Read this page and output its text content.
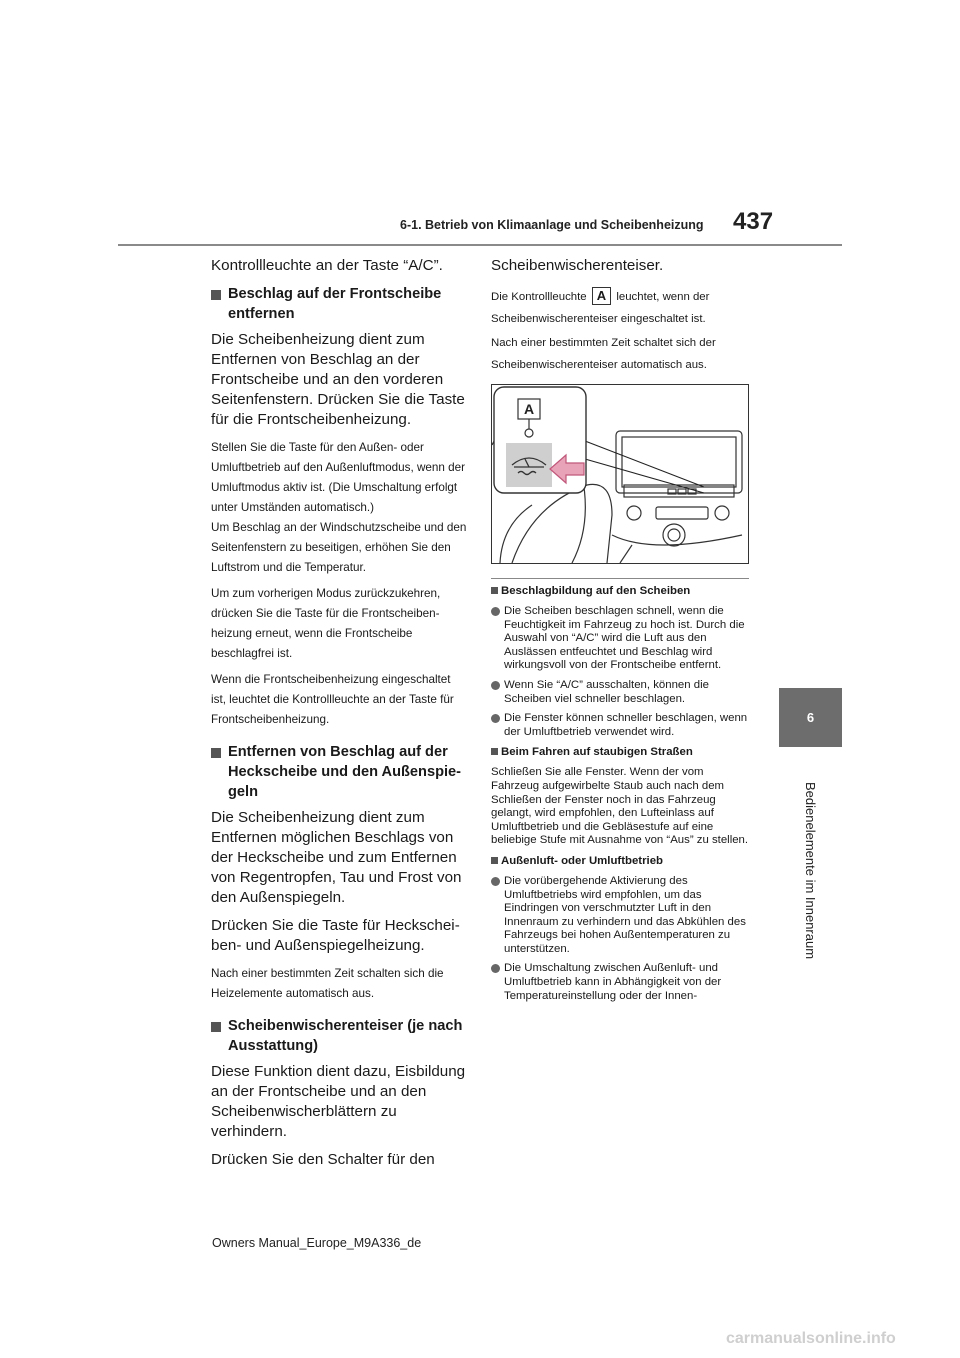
6-1. Betrieb von Klimaanlage und Scheibenheizung 437
6
Bedienelemente im Innenraum

Kontrollleuchte an der Taste “A/C”.

Beschlag auf der Frontscheibe entfernen

Die Scheibenheizung dient zum Entfernen von Beschlag an der Frontscheibe und an den vorderen Seitenfenstern. Drücken Sie die Taste für die Frontscheibenheizung.

Stellen Sie die Taste für den Außen- oder Umluftbetrieb auf den Außenluftmodus, wenn der Umluftmodus aktiv ist. (Die Umschaltung erfolgt unter Umständen automatisch.)

Um Beschlag an der Windschutzscheibe und den Seitenfenstern zu beseitigen, erhöhen Sie den Luftstrom und die Temperatur.

Um zum vorherigen Modus zurückzukehren, drücken Sie die Taste für die Frontscheibenheizung erneut, wenn die Frontscheibe beschlagfrei ist.

Wenn die Frontscheibenheizung eingeschaltet ist, leuchtet die Kontrollleuchte an der Taste für Frontscheibenheizung.

Entfernen von Beschlag auf der Heckscheibe und den Außenspiegeln

Die Scheibenheizung dient zum Entfernen möglichen Beschlags von der Heckscheibe und zum Entfernen von Regentropfen, Tau und Frost von den Außenspiegeln.

Drücken Sie die Taste für Heckscheiben- und Außenspiegelheizung.

Nach einer bestimmten Zeit schalten sich die Heizelemente automatisch aus.

Scheibenwischerenteiser (je nach Ausstattung)

Diese Funktion dient dazu, Eisbildung an der Frontscheibe und an den Scheibenwischerblättern zu verhindern.

Drücken Sie den Schalter für den

Scheibenwischerenteiser.

Die Kontrollleuchte A leuchtet, wenn der Scheibenwischerenteiser eingeschaltet ist.

Nach einer bestimmten Zeit schaltet sich der Scheibenwischerenteiser automatisch aus.

A
Beschlagbildung auf den Scheiben
Die Scheiben beschlagen schnell, wenn die Feuchtigkeit im Fahrzeug zu hoch ist. Durch die Auswahl von “A/C” wird die Luft aus den Auslässen entfeuchtet und Beschlag wird wirkungsvoll von der Frontscheibe entfernt.
Wenn Sie “A/C” ausschalten, können die Scheiben viel schneller beschlagen.
Die Fenster können schneller beschlagen, wenn der Umluftbetrieb verwendet wird.
Beim Fahren auf staubigen Straßen

Schließen Sie alle Fenster. Wenn der vom Fahrzeug aufgewirbelte Staub auch nach dem Schließen der Fenster noch in das Fahrzeug gelangt, wird empfohlen, den Lufteinlass auf Umluftbetrieb und die Gebläsestufe auf eine beliebige Stufe mit Ausnahme von “Aus” zu stellen.

Außenluft- oder Umluftbetrieb
Die vorübergehende Aktivierung des Umluftbetriebs wird empfohlen, um das Eindringen von verschmutzter Luft in den Innenraum zu verhindern und das Abkühlen des Fahrzeugs bei hohen Außentemperaturen zu unterstützen.
Die Umschaltung zwischen Außenluft- und Umluftbetrieb kann in Abhängigkeit von der Temperatureinstellung oder der Innen-
Owners Manual_Europe_M9A336_de
carmanualsonline.info
